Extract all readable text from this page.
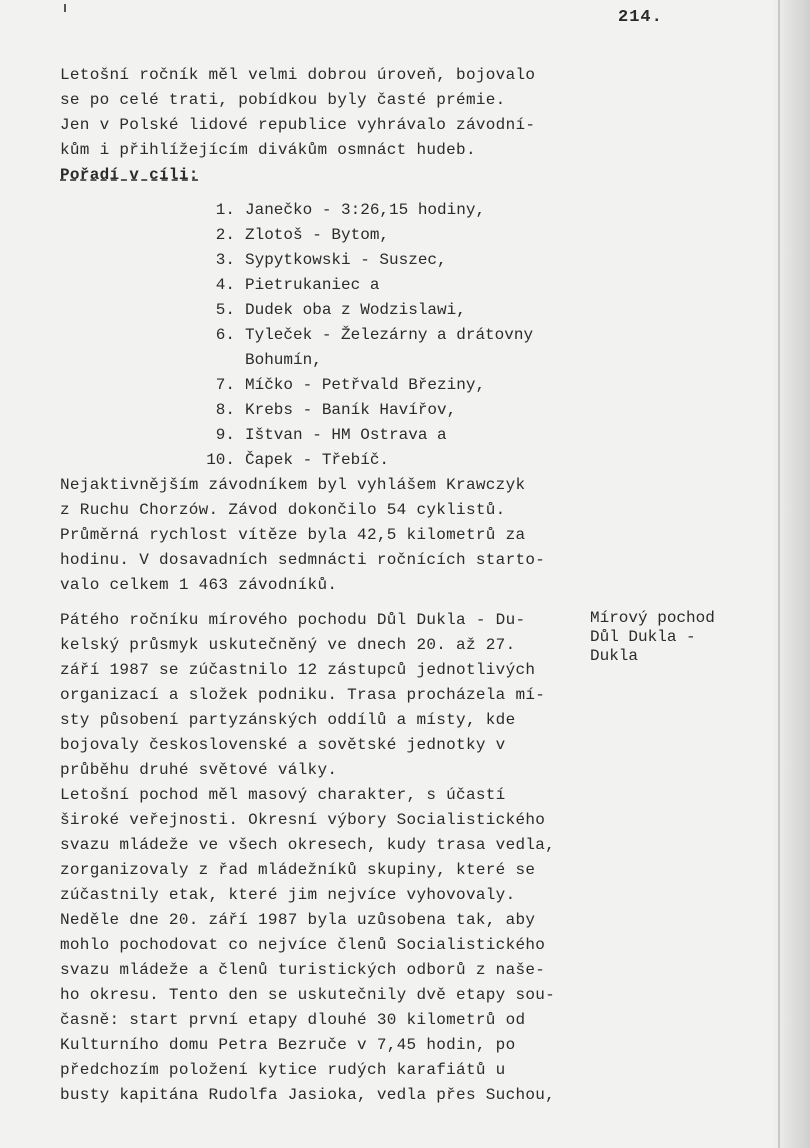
214.
Letošní ročník měl velmi dobrou úroveň, bojovalo
se po celé trati, pobídkou byly časté prémie.
Jen v Polské lidové republice vyhrávalo závodní-
kům i přihlížejícím divákům osmnáct hudeb.
Pořadí v cíli:
1. Janečko - 3:26,15 hodiny,
2. Zlotoš - Bytom,
3. Sypytkowski - Suszec,
4. Pietrukaniec a
5. Dudek oba z Wodzislawi,
6. Tyleček - Železárny a drátovny
Bohumín,
7. Míčko - Petřvald Březiny,
8. Krebs - Baník Havířov,
9. Ištvan - HM Ostrava a
10. Čapek - Třebíč.
Nejaktivnějším závodníkem byl vyhlášem Krawczyk
z Ruchu Chorzów. Závod dokončilo 54 cyklistů.
Průměrná rychlost vítěze byla 42,5 kilometrů za
hodinu. V dosavadních sedmnácti ročnících starto-
valo celkem 1 463 závodníků.
Mírový pochod
Důl Dukla -
Dukla
Pátého ročníku mírového pochodu Důl Dukla - Du-
kelský průsmyk uskutečněný ve dnech 20. až 27.
září 1987 se zúčastnilo 12 zástupců jednotlivých
organizací a složek podniku. Trasa procházela mí-
sty působení partyzánských oddílů a místy, kde
bojovaly československé a sovětské jednotky v
průběhu druhé světové války.
Letošní pochod měl masový charakter, s účastí
široké veřejnosti. Okresní výbory Socialistického
svazu mládeže ve všech okresech, kudy trasa vedla,
zorganizovaly z řad mládežníků skupiny, které se
zúčastnily etak, které jim nejvíce vyhovovaly.
Neděle dne 20. září 1987 byla uzůsobena tak, aby
mohlo pochodovat co nejvíce členů Socialistického
svazu mládeže a členů turistických odborů z naše-
ho okresu. Tento den se uskutečnily dvě etapy sou-
časně: start první etapy dlouhé 30 kilometrů od
Kulturního domu Petra Bezruče v 7,45 hodin, po
předchozím položení kytice rudých karafiátů u
busty kapitána Rudolfa Jasioka, vedla přes Suchou,
